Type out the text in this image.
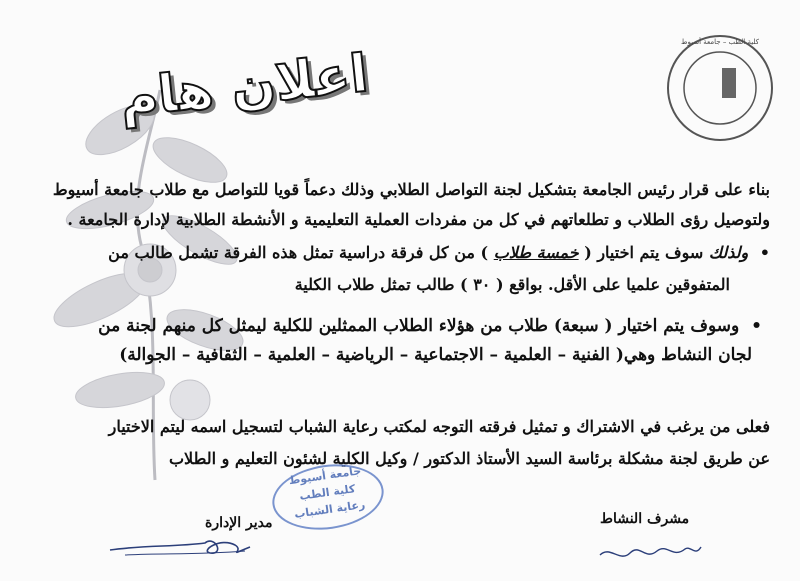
كلية الطب – جامعة أسيوط
اعلان هام
بناء على قرار رئيس الجامعة بتشكيل لجنة التواصل الطلابي وذلك دعماً قويا للتواصل مع طلاب جامعة أسيوط
ولتوصيل رؤى الطلاب و تطلعاتهم في كل من مفردات العملية التعليمية و الأنشطة الطلابية لإدارة الجامعة .
• ولذلك سوف يتم اختيار ( خمسة طلاب ) من كل فرقة دراسية تمثل هذه الفرقة تشمل طالب من
المتفوقين علميا على الأقل. بواقع ( ٣٠ ) طالب تمثل طلاب الكلية
• وسوف يتم اختيار ( سبعة) طلاب من هؤلاء الطلاب الممثلين للكلية ليمثل كل منهم لجنة من
لجان النشاط وهي( الفنية – العلمية – الاجتماعية – الرياضية – العلمية – الثقافية – الجوالة)
فعلى من يرغب في الاشتراك و تمثيل فرقته التوجه لمكتب رعاية الشباب لتسجيل اسمه ليتم الاختيار
عن طريق لجنة مشكلة برئاسة السيد الأستاذ الدكتور / وكيل الكلية لشئون التعليم و الطلاب
جامعة أسيوط
كلية الطب
رعاية الشباب
مدير الإدارة	مشرف النشاط
